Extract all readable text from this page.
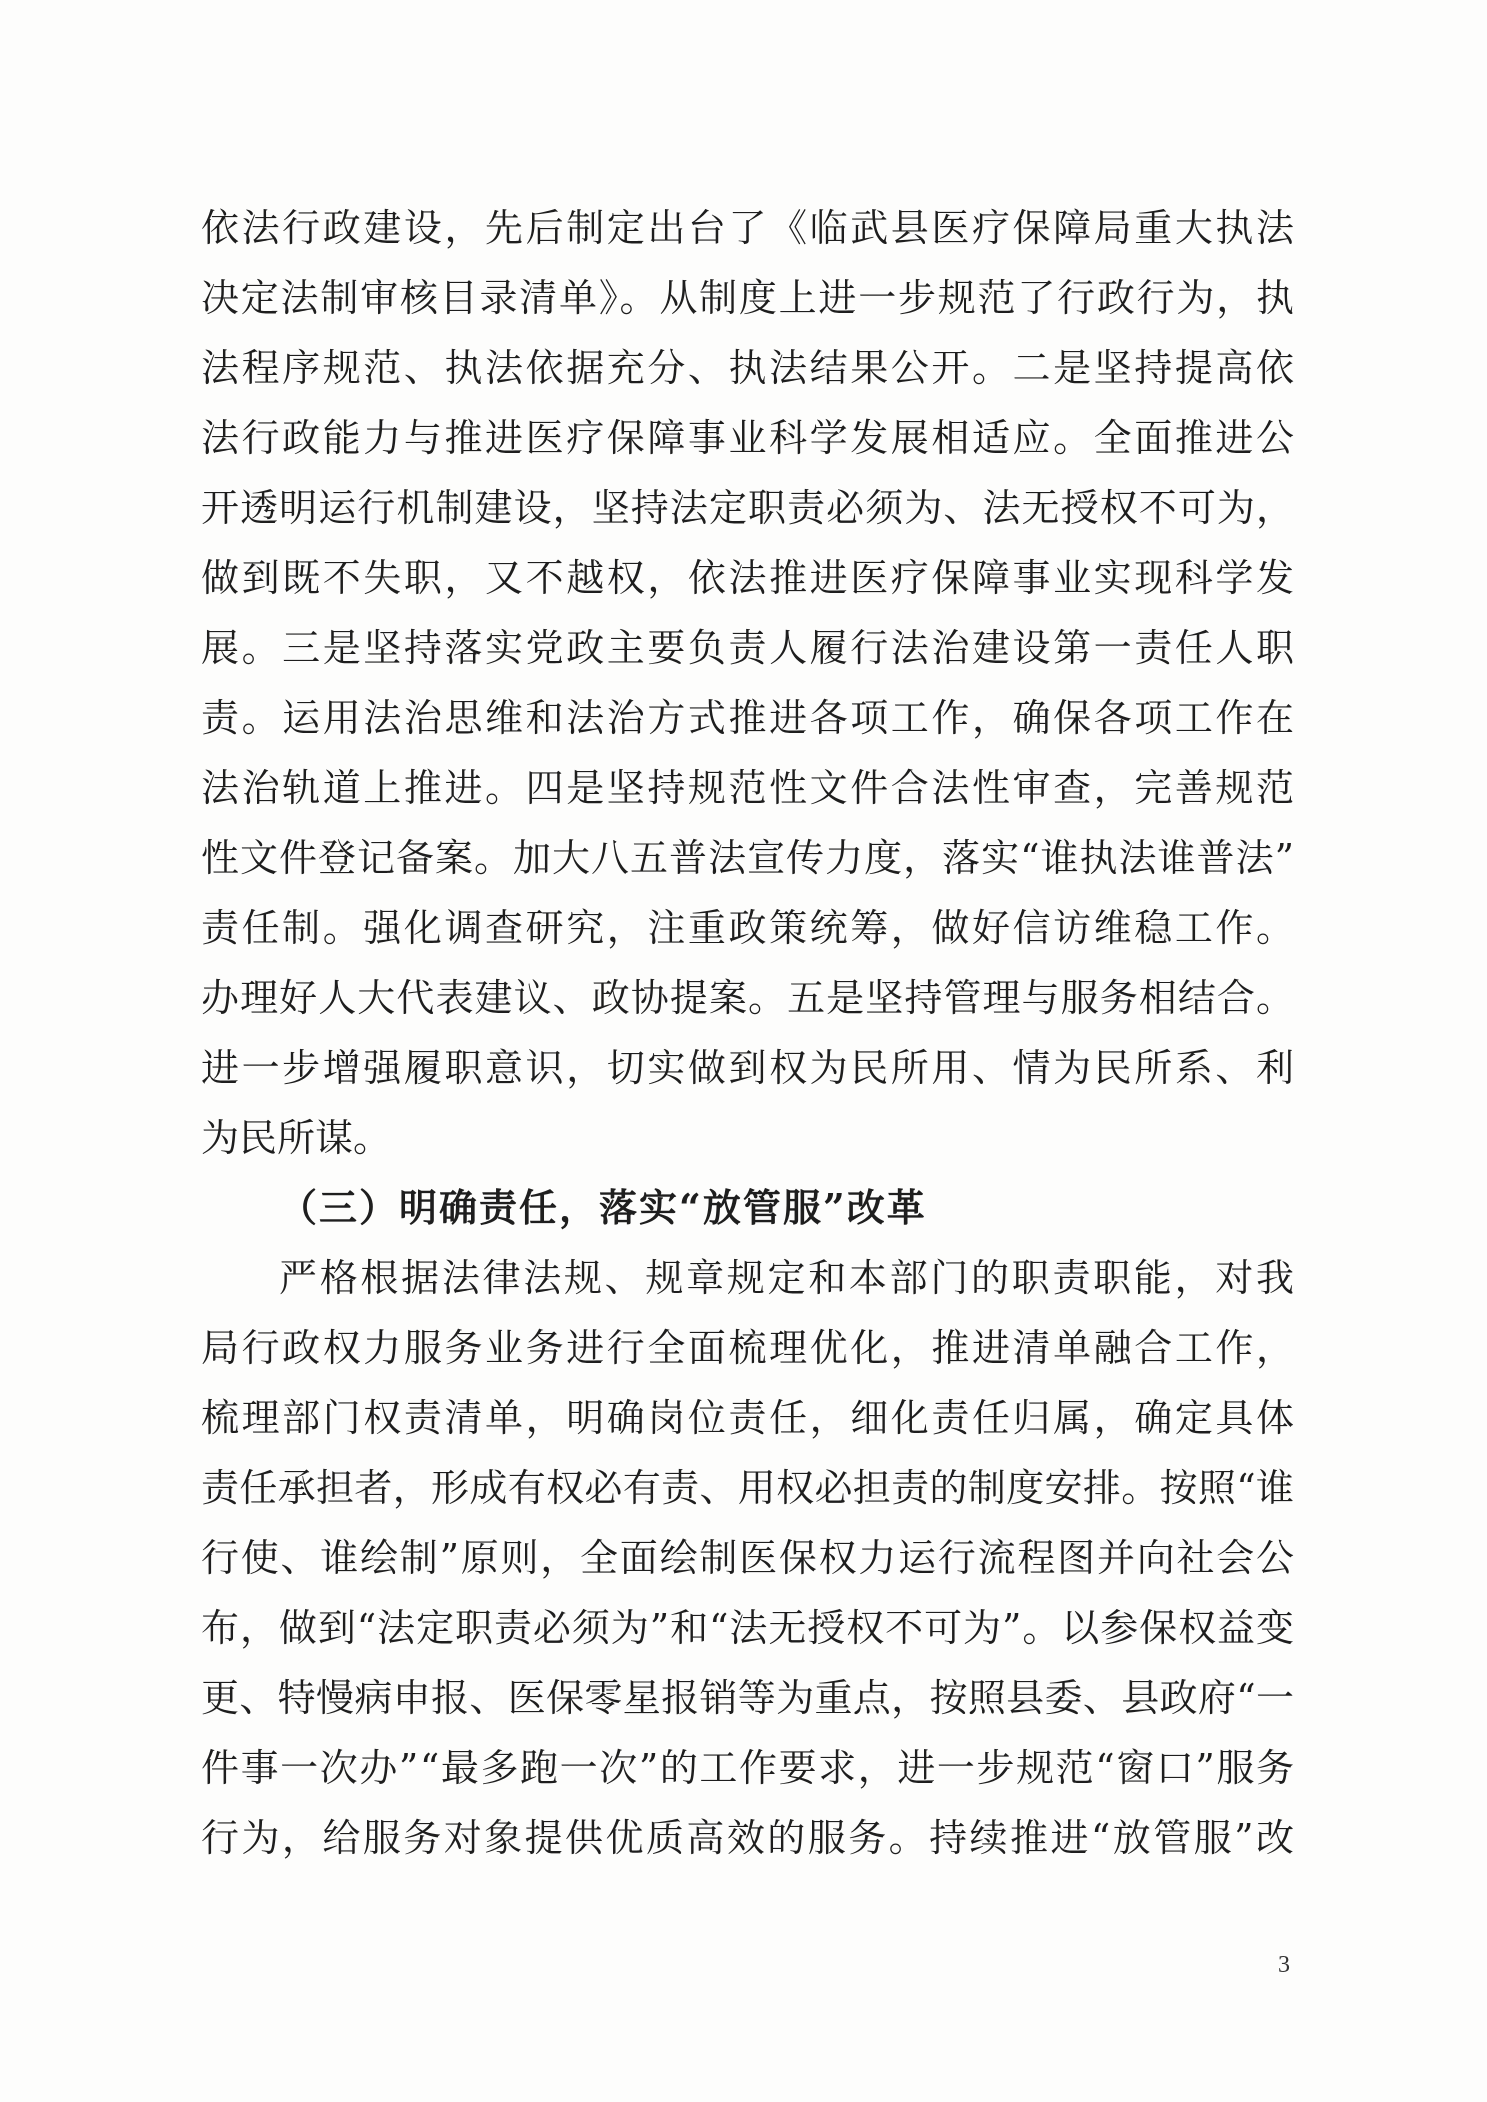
依法行政建设，先后制定出台了《临武县医疗保障局重大执法
决定法制审核目录清单》。从制度上进一步规范了行政行为，执
法程序规范、执法依据充分、执法结果公开。二是坚持提高依
法行政能力与推进医疗保障事业科学发展相适应。全面推进公
开透明运行机制建设，坚持法定职责必须为、法无授权不可为，
做到既不失职，又不越权，依法推进医疗保障事业实现科学发
展。三是坚持落实党政主要负责人履行法治建设第一责任人职
责。运用法治思维和法治方式推进各项工作，确保各项工作在
法治轨道上推进。四是坚持规范性文件合法性审查，完善规范
性文件登记备案。加大八五普法宣传力度，落实“谁执法谁普法”
责任制。强化调查研究，注重政策统筹，做好信访维稳工作。
办理好人大代表建议、政协提案。五是坚持管理与服务相结合。
进一步增强履职意识，切实做到权为民所用、情为民所系、利
为民所谋。
（三）明确责任，落实“放管服”改革
严格根据法律法规、规章规定和本部门的职责职能，对我
局行政权力服务业务进行全面梳理优化，推进清单融合工作，
梳理部门权责清单，明确岗位责任，细化责任归属，确定具体
责任承担者，形成有权必有责、用权必担责的制度安排。按照“谁
行使、谁绘制”原则，全面绘制医保权力运行流程图并向社会公
布，做到“法定职责必须为”和“法无授权不可为”。以参保权益变
更、特慢病申报、医保零星报销等为重点，按照县委、县政府“一
件事一次办”“最多跑一次”的工作要求，进一步规范“窗口”服务
行为，给服务对象提供优质高效的服务。持续推进“放管服”改
3
